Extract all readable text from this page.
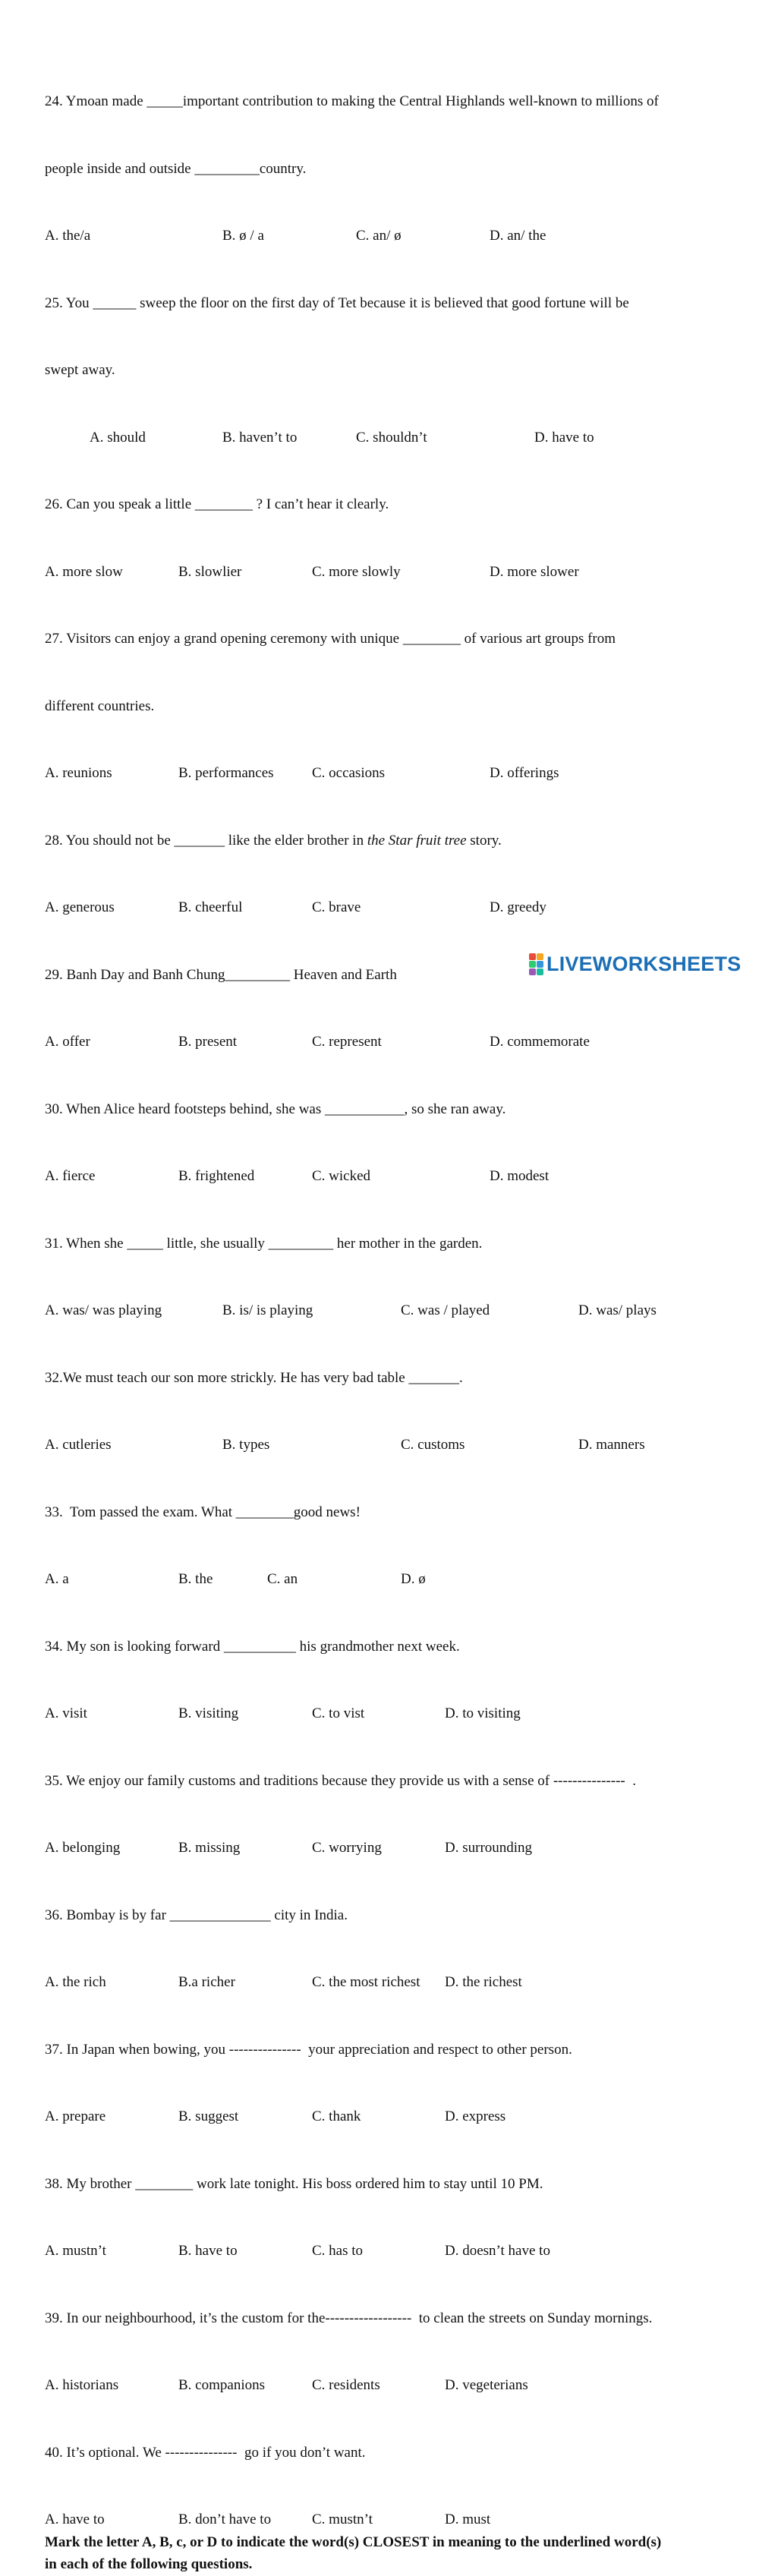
24. Ymoan made _____important contribution to making the Central Highlands well-known to millions of

people inside and outside _________country.

A. the/a	B. ø / a	C. an/ ø	D. an/ the

25. You ______ sweep the floor on the first day of Tet because it is believed that good fortune will be

swept away.

A. should	B. haven’t to	C. shouldn’t	D. have to

26. Can you speak a little ________ ? I can’t hear it clearly.

A. more slow	B. slowlier	C. more slowly	D. more slower

27. Visitors can enjoy a grand opening ceremony with unique ________ of various art groups from

different countries.

A. reunions	B. performances	C. occasions	D. offerings

28. You should not be _______ like the elder brother in the Star fruit tree story.

A. generous	B. cheerful	C. brave	D. greedy

29. Banh Day and Banh Chung_________ Heaven and Earth

A. offer	B. present	C. represent	D. commemorate

30. When Alice heard footsteps behind, she was ___________, so she ran away.

A. fierce	B. frightened	C. wicked	D. modest

31. When she _____ little, she usually _________ her mother in the garden.

A. was/ was playing	B. is/ is playing	C. was / played	D. was/ plays

32.We must teach our son more strickly. He has very bad table _______.

A. cutleries	B. types	C. customs	D. manners

33.  Tom passed the exam. What ________good news!

A. a	B. the	C. an	D. ø

34. My son is looking forward __________ his grandmother next week.

A. visit	B. visiting	C. to vist	D. to visiting

35. We enjoy our family customs and traditions because they provide us with a sense of ---------------  .

A. belonging	B. missing	C. worrying	D. surrounding

36. Bombay is by far ______________ city in India.

A. the rich	B.a richer	C. the most richest D. the richest

37. In Japan when bowing, you ---------------  your appreciation and respect to other person.

A. prepare	B. suggest	C. thank	D. express

38. My brother ________ work late tonight. His boss ordered him to stay until 10 PM.

A. mustn’t	B. have to	C. has to	D. doesn’t have to

39. In our neighbourhood, it’s the custom for the------------------  to clean the streets on Sunday mornings.

A. historians	B. companions	C. residents	D. vegeterians

40. It’s optional. We ---------------  go if you don’t want.

A. have to	B. don’t have to	C. mustn’t	D. must
Mark the letter A, B, c, or D to indicate the word(s) CLOSEST in meaning to the underlined word(s)
in each of the following questions.
LIVEWORKSHEETS
